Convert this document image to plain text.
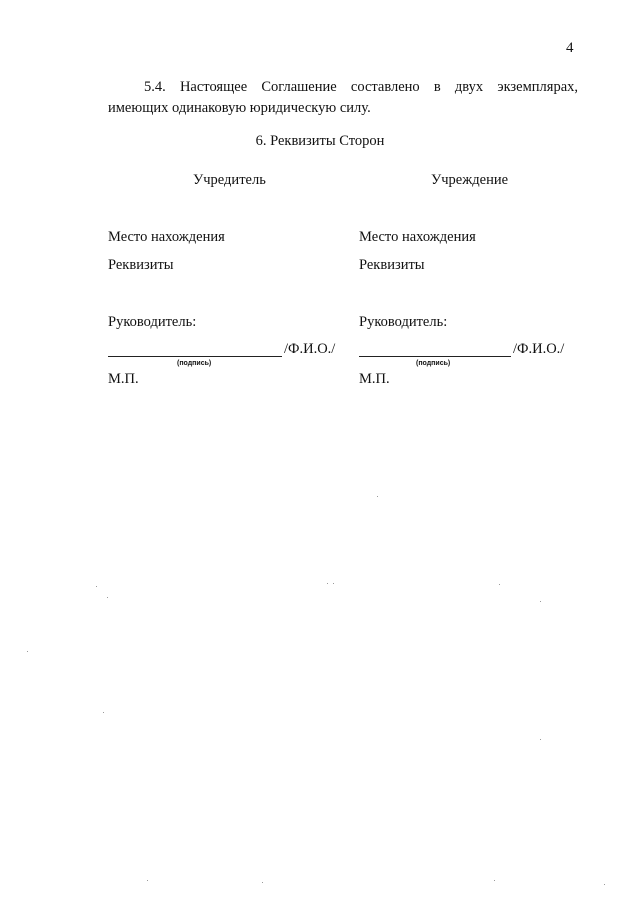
4
5.4. Настоящее Соглашение составлено в двух экземплярах,
имеющих одинаковую юридическую силу.
6. Реквизиты Сторон
Учредитель
Место нахождения
Реквизиты
Руководитель:
/Ф.И.О./
(подпись)
М.П.
Учреждение
Место нахождения
Реквизиты
Руководитель:
/Ф.И.О./
(подпись)
М.П.
